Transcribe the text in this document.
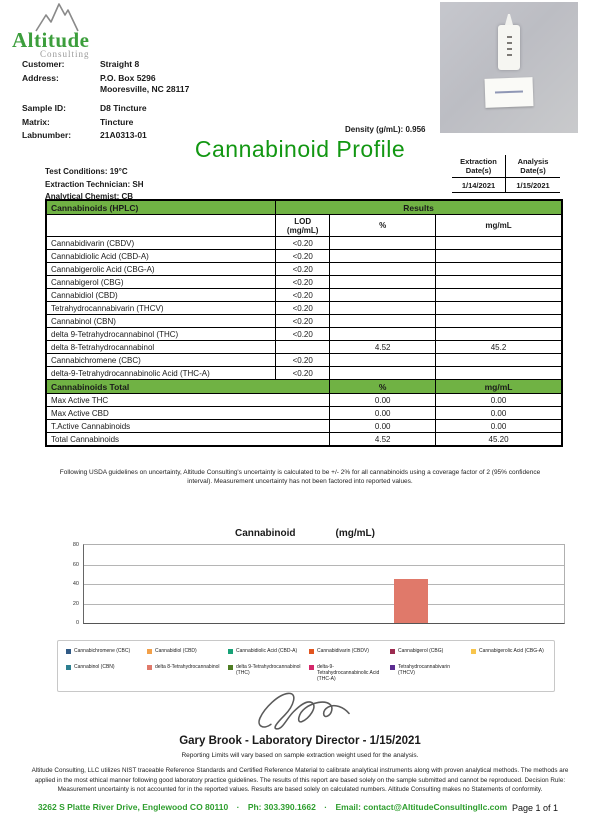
Altitude
Consulting
Customer:	Straight 8
Address:	P.O. Box 5296
Mooresville, NC 28117
Sample ID:	D8 Tincture
Matrix:	Tincture
Labnumber:	21A0313-01
Density (g/mL): 0.956
Cannabinoid Profile
Test Conditions: 19°C
Extraction Technician: SH
Analytical Chemist: CB
Extraction Date(s)
Analysis Date(s)
1/14/2021	1/15/2021
Cannabinoids (HPLC)	Results		
	LOD (mg/mL)	%	mg/mL
Cannabidivarin (CBDV)	<0.20		
Cannabidiolic Acid (CBD-A)	<0.20		
Cannabigerolic Acid (CBG-A)	<0.20		
Cannabigerol (CBG)	<0.20		
Cannabidiol (CBD)	<0.20		
Tetrahydrocannabivarin (THCV)	<0.20		
Cannabinol (CBN)	<0.20		
delta 9-Tetrahydrocannabinol (THC)	<0.20		
delta 8-Tetrahydrocannabinol		4.52	45.2
Cannabichromene (CBC)	<0.20		
delta-9-Tetrahydrocannabinolic Acid (THC-A)	<0.20		
Cannabinoids Total		%	mg/mL
Max Active THC		0.00	0.00
Max Active CBD		0.00	0.00
T.Active Cannabinoids		0.00	0.00
Total Cannabinoids		4.52	45.20
Following USDA guidelines on uncertainty, Altitude Consulting's uncertainty is calculated to be +/- 2% for all cannabinoids using a coverage factor of 2 (95% confidence interval). Measurement uncertainty has not been factored into reported values.
Cannabinoid	(mg/mL)
80
60
40
20
0
Cannabichromene (CBC)	Cannabidiol (CBD)	Cannabidiolic Acid (CBD-A)	Cannabidivarin (CBDV)	Cannabigerol (CBG)	Cannabigerolic Acid (CBG-A)
Cannabinol (CBN)	delta 8-Tetrahydrocannabinol	delta 9-Tetrahydrocannabinol (THC)
delta-9-Tetrahydrocannabinolic Acid (THC-A)
Tetrahydrocannabivarin (THCV)
Gary Brook - Laboratory Director - 1/15/2021
Reporting Limits will vary based on sample extraction weight used for the analysis.
Altitude Consulting, LLC utilizes NIST traceable Reference Standards and Certified Reference Material to calibrate analytical instruments along with proven analytical methods. The methods are applied in the most ethical manner following good laboratory practice guidelines. The results of this report are based solely on the sample submitted and cannot be reproduced. Decision Rule: Measurement uncertainty is not accounted for in the reported values. Results are based solely on calculated numbers. Altitude Consulting makes no Statements of conformity.
3262 S Platte River Drive, Englewood CO 80110 · Ph: 303.390.1662 · Email: contact@AltitudeConsultingllc.com Page 1 of 1
